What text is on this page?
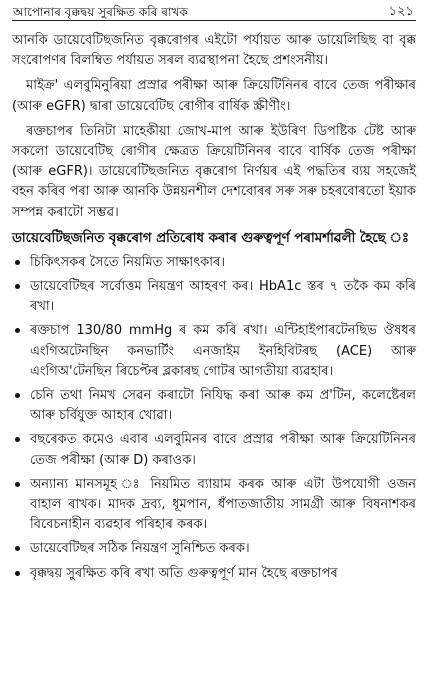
আপোনাৰ বৃক্কদ্বয় সুৰক্ষিত কৰি ৰাখক	১২১

আনকি ডায়েবেটিছজনিত বৃক্কৰোগৰ এইটো পৰ্যায়ত আৰু ডায়েলিছিছ বা বৃক্ক সংৰোপণৰ বিলম্বিত পৰ্যায়ত সৰল ব্যৱস্থাপনা হৈছে প্ৰশংসনীয়।

মাইক্ৰ' এলবুমিনুৰিয়া প্ৰস্ৰাৱ পৰীক্ষা আৰু ক্ৰিয়েটিনিনৰ বাবে তেজ পৰীক্ষাৰ (আৰু eGFR) দ্বাৰা ডায়েবেটিছ ৰোগীৰ বাৰ্ষিক স্ক্ৰীণীং।

ৰক্তচাপৰ তিনিটা মাহেকীয়া জোখ-মাপ আৰু ইউৰিণ ডিপষ্টিক টেষ্ট আৰু সকলো ডায়েবেটিছ ৰোগীৰ ক্ষেত্ৰত ক্ৰিয়েটিনিনৰ বাবে বাৰ্ষিক তেজ পৰীক্ষা (আৰু eGFR)। ডায়েবেটিছজনিত বৃক্কৰোগ নিৰ্ণয়ৰ এই পদ্ধতিৰ ব্যয় সহজেই বহন কৰিব পৰা আৰু আনকি উন্নয়নশীল দেশবোৰৰ সৰু সৰু চহৰবোৰতো ইয়াক সম্পন্ন কৰাটো সম্ভৱ।

ডায়েবেটিছজনিত বৃক্কৰোগ প্ৰতিৰোধ কৰাৰ গুৰুত্বপূৰ্ণ পৰামৰ্শাৱলী হৈছে ঃ

চিকিৎসকৰ সৈতে নিয়মিত সাক্ষাৎকাৰ।
ডায়েবেটিছৰ সৰ্বোত্তম নিয়ন্ত্ৰণ আহৰণ কৰ। HbA1c স্তৰ ৭ তকৈ কম কৰি ৰখা।
ৰক্তচাপ 130/80 mmHg ৰ কম কৰি ৰখা। এন্টিহাইপাৰটেনছিভ ঔষধৰ এংগিঅটেনছিন কনভাৰ্টিং এনজাইম ইনহিবিটৰছ (ACE) আৰু এংগিঅ'টেনছিন ৰিচেপ্টৰ ব্লকাৰছ গোটৰ আগতীয়া ব্যৱহাৰ।
চেনি তথা নিমখ সেৱন কৰাটো নিযিদ্ধ কৰা আৰু কম প্ৰ'টিন, কলেষ্টেৰল আৰু চৰ্বিযুক্ত আহাৰ খোৱা।
বছৰেকত কমেও এবাৰ এলবুমিনৰ বাবে প্ৰস্ৰাৱ পৰীক্ষা আৰু ক্ৰিয়েটিনিনৰ তেজ পৰীক্ষা (আৰু D) কৰাওক।
অন্যান্য মানসমূহ ঃ নিয়মিত ব্যায়াম কৰক আৰু এটা উপযোগী ওজন বাহাল ৰাখক। মাদক দ্ৰব্য, ধূমপান, ধঁপাতজাতীয় সামগ্ৰী আৰু বিষনাশকৰ বিবেচনাহীন ব্যৱহাৰ পৰিহাৰ কৰক।
ডায়েবেটিছৰ সঠিক নিয়ন্ত্ৰণ সুনিশ্চিত কৰক।
বৃক্কদ্বয় সুৰক্ষিত কৰি ৰখা অতি গুৰুত্বপূৰ্ণ মান হৈছে ৰক্তচাপৰ
